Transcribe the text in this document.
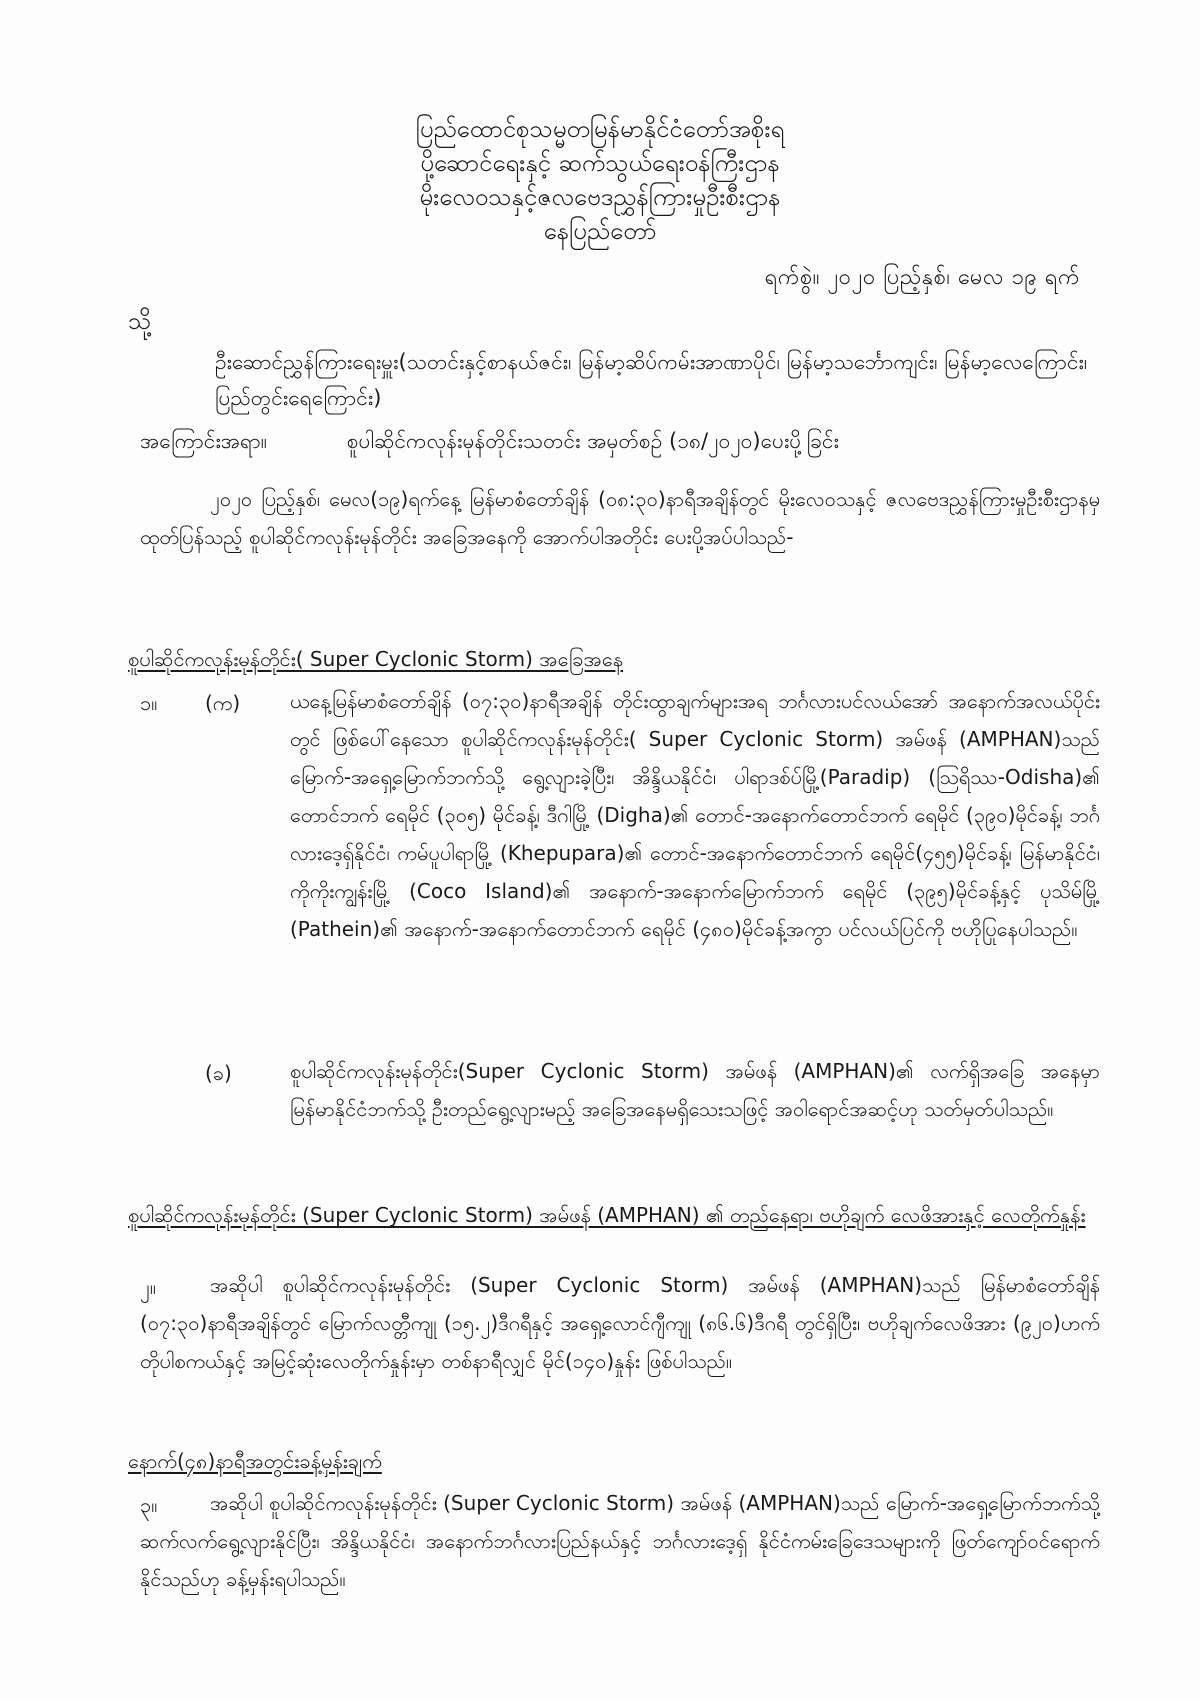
ပြည်ထောင်စုသမ္မတမြန်မာနိုင်ငံတော်အစိုးရ
ပို့ဆောင်ရေးနှင့် ဆက်သွယ်ရေးဝန်ကြီးဌာန
မိုးလေဝသနှင့်ဇလဗေဒညွှန်ကြားမှုဦးစီးဌာန
နေပြည်တော်
ရက်စွဲ။ ၂၀၂၀ ပြည့်နှစ်၊ မေလ ၁၉ ရက်
သို့
ဦးဆောင်ညွှန်ကြားရေးမှူး(သတင်းနှင့်စာနယ်ဇင်း၊ မြန်မာ့ဆိပ်ကမ်းအာဏာပိုင်၊ မြန်မာ့သင်္ဘောကျင်း၊ မြန်မာ့လေကြောင်း၊ ပြည်တွင်းရေကြောင်း)
အကြောင်းအရာ။	စူပါဆိုင်ကလုန်းမုန်တိုင်းသတင်း အမှတ်စဉ် (၁၈/၂၀၂၀)ပေးပို့ခြင်း
၂၀၂၀ ပြည့်နှစ်၊ မေလ(၁၉)ရက်နေ့ မြန်မာစံတော်ချိန် (၀၈:၃၀)နာရီအချိန်တွင် မိုးလေဝသနှင့် ဇလဗေဒညွှန်ကြားမှုဦးစီးဌာနမှ ထုတ်ပြန်သည့် စူပါဆိုင်ကလုန်းမုန်တိုင်း အခြေအနေကို အောက်ပါအတိုင်း ပေးပို့အပ်ပါသည်-
စူပါဆိုင်ကလုန်းမုန်တိုင်း( Super Cyclonic Storm) အခြေအနေ
၁။ (က) ယနေ့မြန်မာစံတော်ချိန် (၀၇:၃၀)နာရီအချိန် တိုင်းထွာချက်များအရ ဘင်္ဂလားပင်လယ်အော် အနောက်အလယ်ပိုင်းတွင် ဖြစ်ပေါ်နေသော စူပါဆိုင်ကလုန်းမုန်တိုင်း( Super Cyclonic Storm) အမ်ဖန် (AMPHAN)သည် မြောက်-အရှေ့မြောက်ဘက်သို့ ရွေ့လျားခဲ့ပြီး၊ အိန္ဒိယနိုင်ငံ၊ ပါရာဒစ်ပ်မြို့(Paradip) (ဩရိဿ-Odisha)၏ တောင်ဘက် ရေမိုင် (၃၀၅) မိုင်ခန့်၊ ဒီဂါမြို့ (Digha)၏ တောင်-အနောက်တောင်ဘက် ရေမိုင် (၃၉၀)မိုင်ခန့်၊ ဘင်္ဂလားဒေ့ရှ်နိုင်ငံ၊ ကမ်ပူပါရာမြို့ (Khepupara)၏ တောင်-အနောက်တောင်ဘက် ရေမိုင်(၄၅၅)မိုင်ခန့်၊ မြန်မာနိုင်ငံ၊ ကိုကိုးကျွန်းမြို့ (Coco Island)၏ အနောက်-အနောက်မြောက်ဘက် ရေမိုင် (၃၉၅)မိုင်ခန့်နှင့် ပုသိမ်မြို့ (Pathein)၏ အနောက်-အနောက်တောင်ဘက် ရေမိုင် (၄၈၀)မိုင်ခန့်အကွာ ပင်လယ်ပြင်ကို ဗဟိုပြုနေပါသည်။
(ခ)	စူပါဆိုင်ကလုန်းမုန်တိုင်း(Super Cyclonic Storm) အမ်ဖန် (AMPHAN)၏ လက်ရှိအခြေ အနေမှာ မြန်မာနိုင်ငံဘက်သို့ ဦးတည်ရွေ့လျားမည့် အခြေအနေမရှိသေးသဖြင့် အဝါရောင်အဆင့်ဟု သတ်မှတ်ပါသည်။
စူပါဆိုင်ကလုန်းမုန်တိုင်း (Super Cyclonic Storm) အမ်ဖန် (AMPHAN) ၏ တည်နေရာ၊ ဗဟိုချက် လေဖိအားနှင့် လေတိုက်နှုန်း
၂။	အဆိုပါ စူပါဆိုင်ကလုန်းမုန်တိုင်း (Super Cyclonic Storm) အမ်ဖန် (AMPHAN)သည် မြန်မာစံတော်ချိန် (၀၇:၃၀)နာရီအချိန်တွင် မြောက်လတ္တီကျု (၁၅.၂)ဒီဂရီနှင့် အရှေ့လောင်ဂျီကျု (၈၆.၆)ဒီဂရီ တွင်ရှိပြီး၊ ဗဟိုချက်လေဖိအား (၉၂၀)ဟက်တိုပါစကယ်နှင့် အမြင့်ဆုံးလေတိုက်နှုန်းမှာ တစ်နာရီလျှင် မိုင်(၁၄၀)နှုန်း ဖြစ်ပါသည်။
နောက်(၄၈)နာရီအတွင်းခန့်မှန်းချက်
၃။	အဆိုပါ စူပါဆိုင်ကလုန်းမုန်တိုင်း (Super Cyclonic Storm) အမ်ဖန် (AMPHAN)သည် မြောက်-အရှေ့မြောက်ဘက်သို့ ဆက်လက်ရွေ့လျားနိုင်ပြီး၊ အိန္ဒိယနိုင်ငံ၊ အနောက်ဘင်္ဂလားပြည်နယ်နှင့် ဘင်္ဂလားဒေ့ရှ် နိုင်ငံကမ်းခြေဒေသများကို ဖြတ်ကျော်ဝင်ရောက်နိုင်သည်ဟု ခန့်မှန်းရပါသည်။
